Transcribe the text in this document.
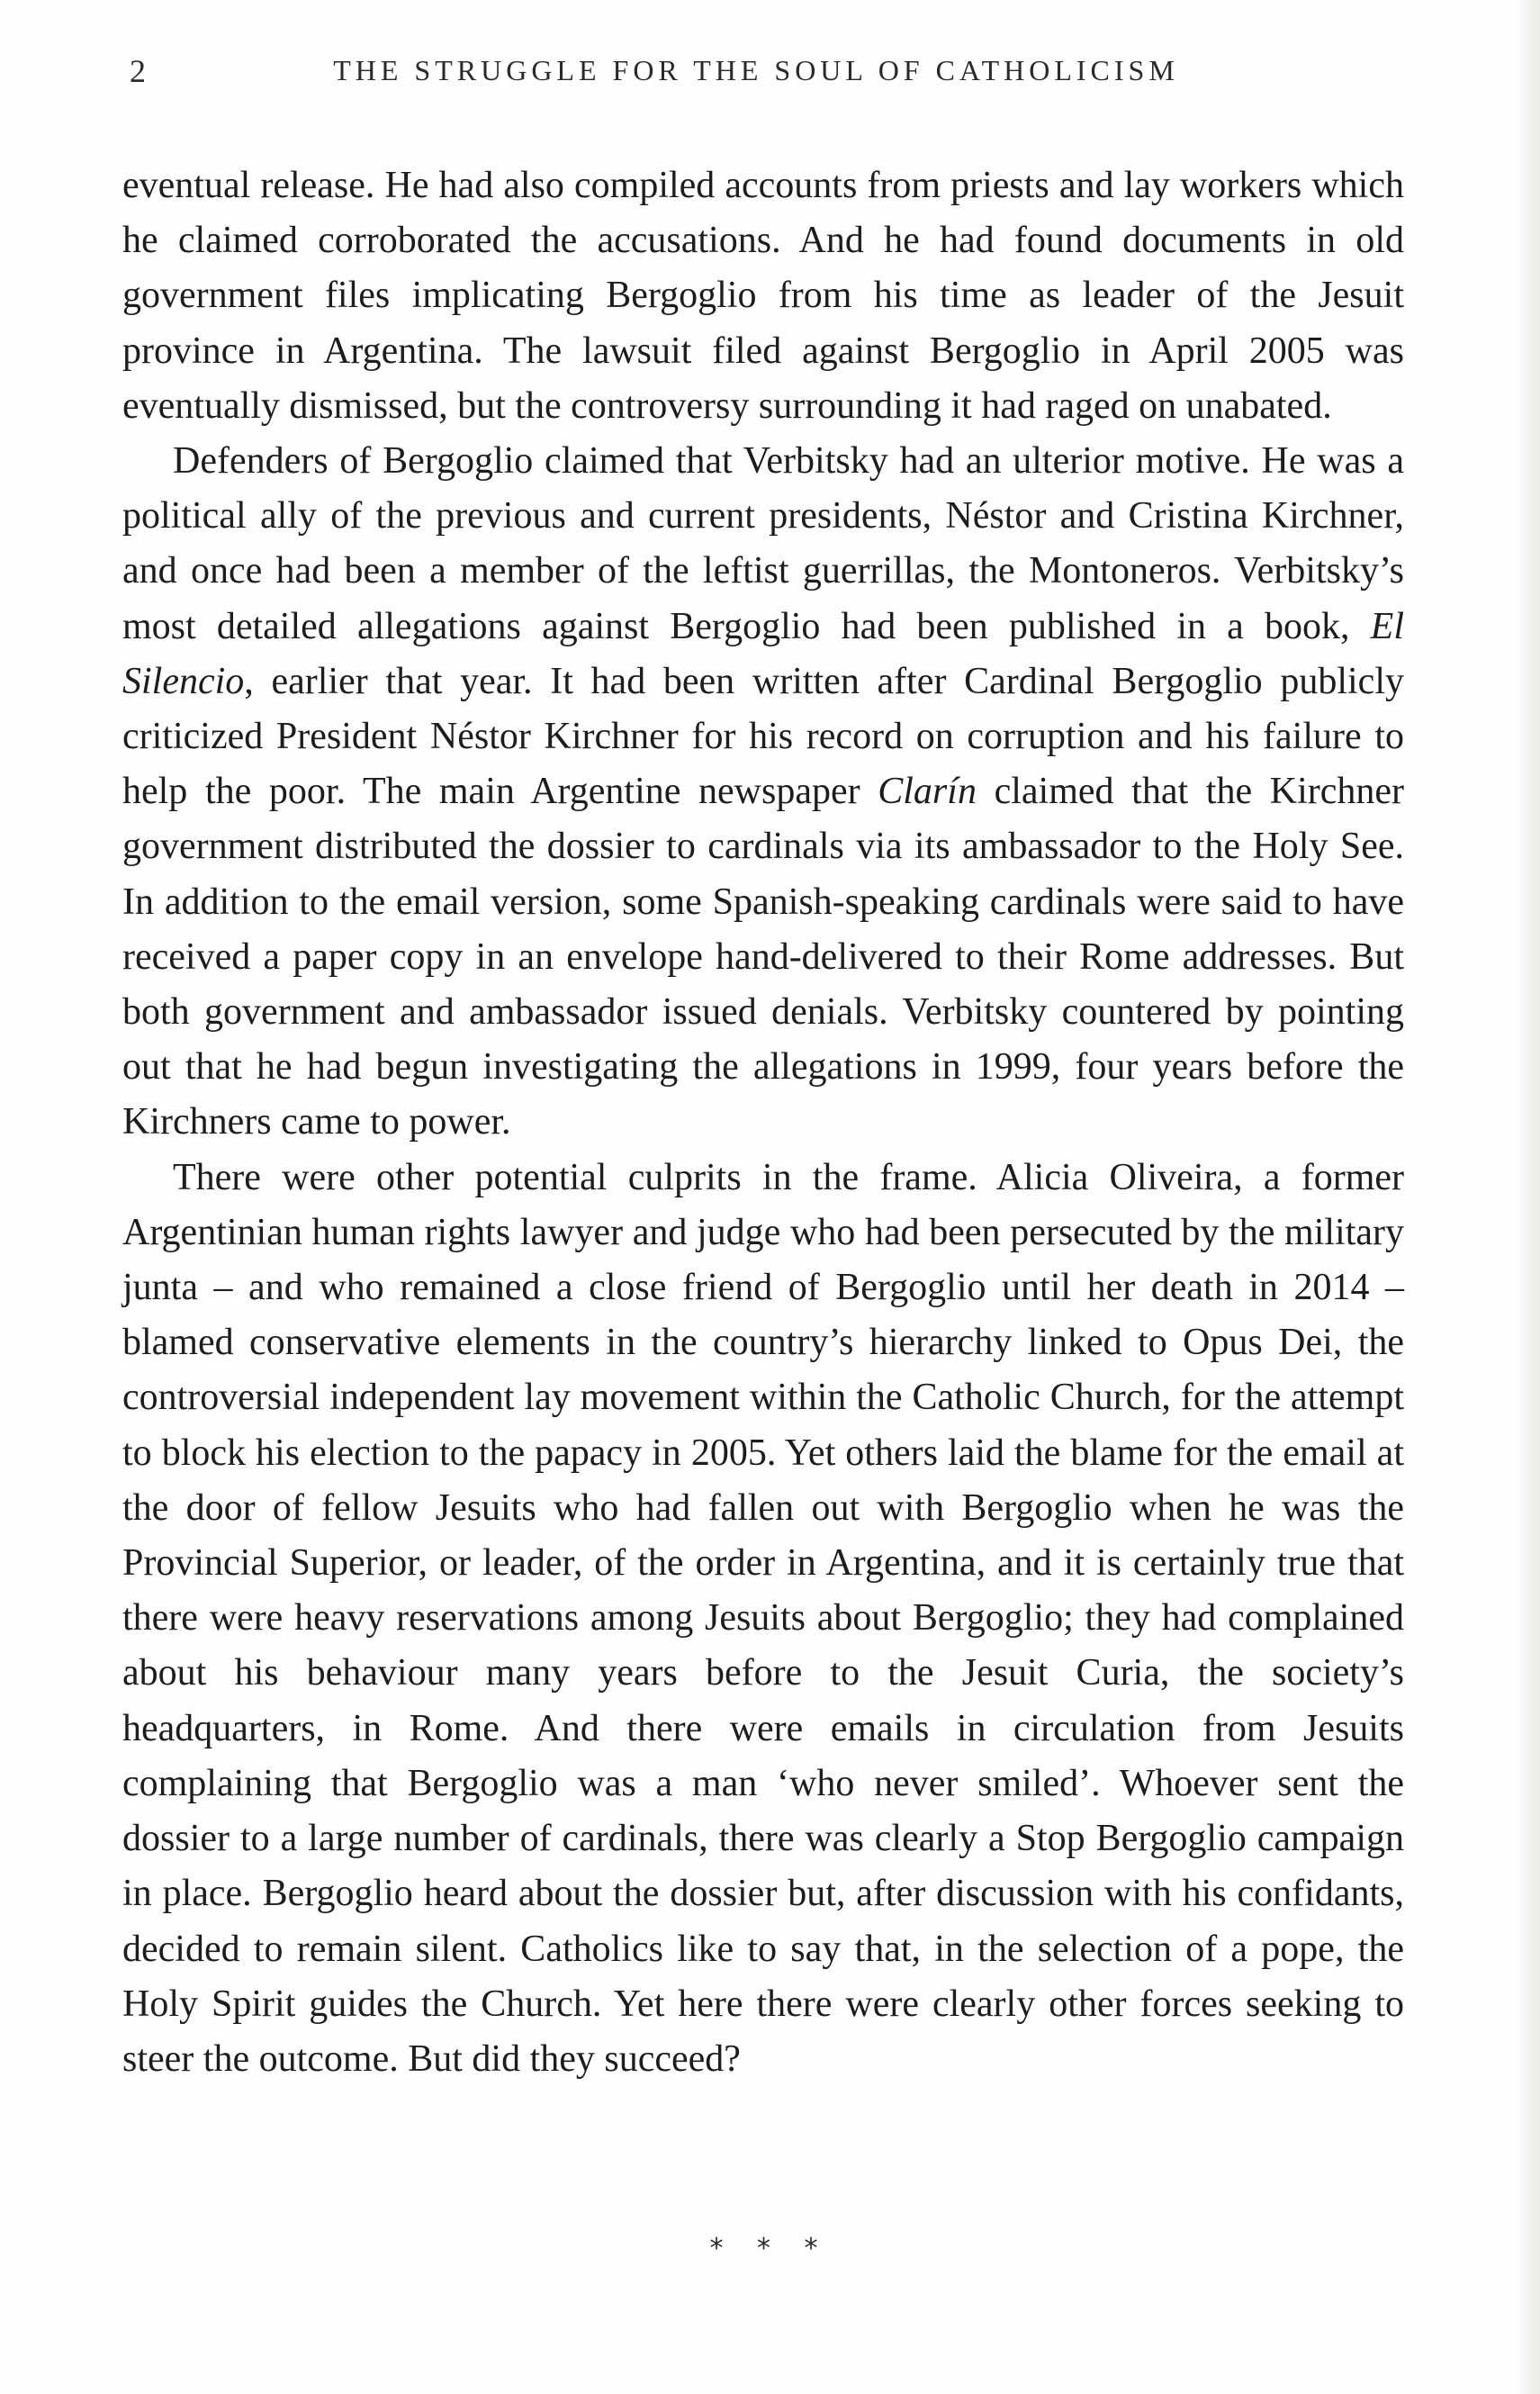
2	THE STRUGGLE FOR THE SOUL OF CATHOLICISM

eventual release. He had also compiled accounts from priests and lay workers which he claimed corroborated the accusations. And he had found documents in old government files implicating Bergoglio from his time as leader of the Jesuit province in Argentina. The lawsuit filed against Bergoglio in April 2005 was eventually dismissed, but the controversy surrounding it had raged on unabated.

Defenders of Bergoglio claimed that Verbitsky had an ulterior motive. He was a political ally of the previous and current presidents, Néstor and Cristina Kirchner, and once had been a member of the leftist guerrillas, the Montoneros. Verbitsky’s most detailed allegations against Bergoglio had been published in a book, El Silencio, earlier that year. It had been written after Cardinal Bergoglio publicly criticized President Néstor Kirchner for his record on corruption and his failure to help the poor. The main Argentine newspaper Clarín claimed that the Kirchner government distributed the dossier to cardinals via its ambassador to the Holy See. In addition to the email version, some Spanish-speaking cardinals were said to have received a paper copy in an envelope hand-delivered to their Rome addresses. But both government and ambassador issued denials. Verbitsky countered by pointing out that he had begun investigating the allegations in 1999, four years before the Kirchners came to power.

There were other potential culprits in the frame. Alicia Oliveira, a former Argentinian human rights lawyer and judge who had been persecuted by the military junta – and who remained a close friend of Bergoglio until her death in 2014 – blamed conservative elements in the country’s hierarchy linked to Opus Dei, the controversial independent lay movement within the Catholic Church, for the attempt to block his election to the papacy in 2005. Yet others laid the blame for the email at the door of fellow Jesuits who had fallen out with Bergoglio when he was the Provincial Superior, or leader, of the order in Argentina, and it is certainly true that there were heavy reservations among Jesuits about Bergoglio; they had complained about his behaviour many years before to the Jesuit Curia, the society’s headquarters, in Rome. And there were emails in circulation from Jesuits complaining that Bergoglio was a man ‘who never smiled’. Whoever sent the dossier to a large number of cardinals, there was clearly a Stop Bergoglio campaign in place. Bergoglio heard about the dossier but, after discussion with his confidants, decided to remain silent. Catholics like to say that, in the selection of a pope, the Holy Spirit guides the Church. Yet here there were clearly other forces seeking to steer the outcome. But did they succeed?

* * *
